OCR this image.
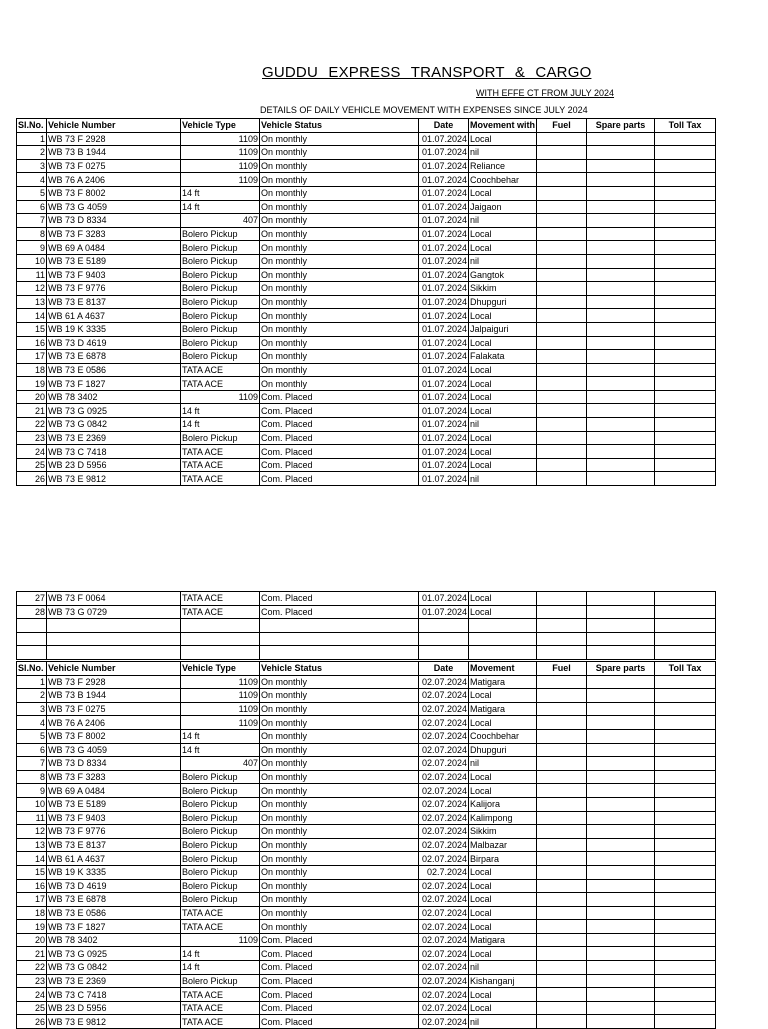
GUDDU EXPRESS TRANSPORT & CARGO
WITH EFFE CT FROM JULY 2024
DETAILS OF DAILY VEHICLE MOVEMENT WITH EXPENSES SINCE JULY 2024
Sl.No.	Vehicle Number	Vehicle Type	Vehicle Status	Date	Movement with	Fuel	Spare parts	Toll Tax
1	WB 73 F 2928	1109	On monthly	01.07.2024	Local			
2	WB 73 B 1944	1109	On monthly	01.07.2024	nil			
3	WB 73 F 0275	1109	On monthly	01.07.2024	Reliance			
4	WB 76 A 2406	1109	On monthly	01.07.2024	Coochbehar			
5	WB 73 F 8002	14 ft	On monthly	01.07.2024	Local			
6	WB 73 G 4059	14 ft	On monthly	01.07.2024	Jaigaon			
7	WB 73 D 8334	407	On monthly	01.07.2024	nil			
8	WB 73 F 3283	Bolero Pickup	On monthly	01.07.2024	Local			
9	WB 69 A 0484	Bolero Pickup	On monthly	01.07.2024	Local			
10	WB 73 E 5189	Bolero Pickup	On monthly	01.07.2024	nil			
11	WB 73 F 9403	Bolero Pickup	On monthly	01.07.2024	Gangtok			
12	WB 73 F 9776	Bolero Pickup	On monthly	01.07.2024	Sikkim			
13	WB 73 E 8137	Bolero Pickup	On monthly	01.07.2024	Dhupguri			
14	WB 61 A 4637	Bolero Pickup	On monthly	01.07.2024	Local			
15	WB 19 K 3335	Bolero Pickup	On monthly	01.07.2024	Jalpaiguri			
16	WB 73 D 4619	Bolero Pickup	On monthly	01.07.2024	Local			
17	WB 73 E 6878	Bolero Pickup	On monthly	01.07.2024	Falakata			
18	WB 73 E 0586	TATA ACE	On monthly	01.07.2024	Local			
19	WB 73 F 1827	TATA ACE	On monthly	01.07.2024	Local			
20	WB 78 3402	1109	Com. Placed	01.07.2024	Local			
21	WB 73 G 0925	14 ft	Com. Placed	01.07.2024	Local			
22	WB 73 G 0842	14 ft	Com. Placed	01.07.2024	nil			
23	WB 73 E 2369	Bolero Pickup	Com. Placed	01.07.2024	Local			
24	WB 73 C 7418	TATA ACE	Com. Placed	01.07.2024	Local			
25	WB 23 D 5956	TATA ACE	Com. Placed	01.07.2024	Local			
26	WB 73 E 9812	TATA ACE	Com. Placed	01.07.2024	nil			
27	WB 73 F 0064	TATA ACE	Com. Placed	01.07.2024	Local			
28	WB 73 G 0729	TATA ACE	Com. Placed	01.07.2024	Local			

Sl.No.	Vehicle Number	Vehicle Type	Vehicle Status	Date	Movement	Fuel	Spare parts	Toll Tax
1	WB 73 F 2928	1109	On monthly	02.07.2024	Matigara			
2	WB 73 B 1944	1109	On monthly	02.07.2024	Local			
3	WB 73 F 0275	1109	On monthly	02.07.2024	Matigara			
4	WB 76 A 2406	1109	On monthly	02.07.2024	Local			
5	WB 73 F 8002	14 ft	On monthly	02.07.2024	Coochbehar			
6	WB 73 G 4059	14 ft	On monthly	02.07.2024	Dhupguri			
7	WB 73 D 8334	407	On monthly	02.07.2024	nil			
8	WB 73 F 3283	Bolero Pickup	On monthly	02.07.2024	Local			
9	WB 69 A 0484	Bolero Pickup	On monthly	02.07.2024	Local			
10	WB 73 E 5189	Bolero Pickup	On monthly	02.07.2024	Kalijora			
11	WB 73 F 9403	Bolero Pickup	On monthly	02.07.2024	Kalimpong			
12	WB 73 F 9776	Bolero Pickup	On monthly	02.07.2024	Sikkim			
13	WB 73 E 8137	Bolero Pickup	On monthly	02.07.2024	Malbazar			
14	WB 61 A 4637	Bolero Pickup	On monthly	02.07.2024	Birpara			
15	WB 19 K 3335	Bolero Pickup	On monthly	02.7.2024	Local			
16	WB 73 D 4619	Bolero Pickup	On monthly	02.07.2024	Local			
17	WB 73 E 6878	Bolero Pickup	On monthly	02.07.2024	Local			
18	WB 73 E 0586	TATA ACE	On monthly	02.07.2024	Local			
19	WB 73 F 1827	TATA ACE	On monthly	02.07.2024	Local			
20	WB 78 3402	1109	Com. Placed	02.07.2024	Matigara			
21	WB 73 G 0925	14 ft	Com. Placed	02.07.2024	Local			
22	WB 73 G 0842	14 ft	Com. Placed	02.07.2024	nil			
23	WB 73 E 2369	Bolero Pickup	Com. Placed	02.07.2024	Kishanganj			
24	WB 73 C 7418	TATA ACE	Com. Placed	02.07.2024	Local			
25	WB 23 D 5956	TATA ACE	Com. Placed	02.07.2024	Local			
26	WB 73 E 9812	TATA ACE	Com. Placed	02.07.2024	nil			
